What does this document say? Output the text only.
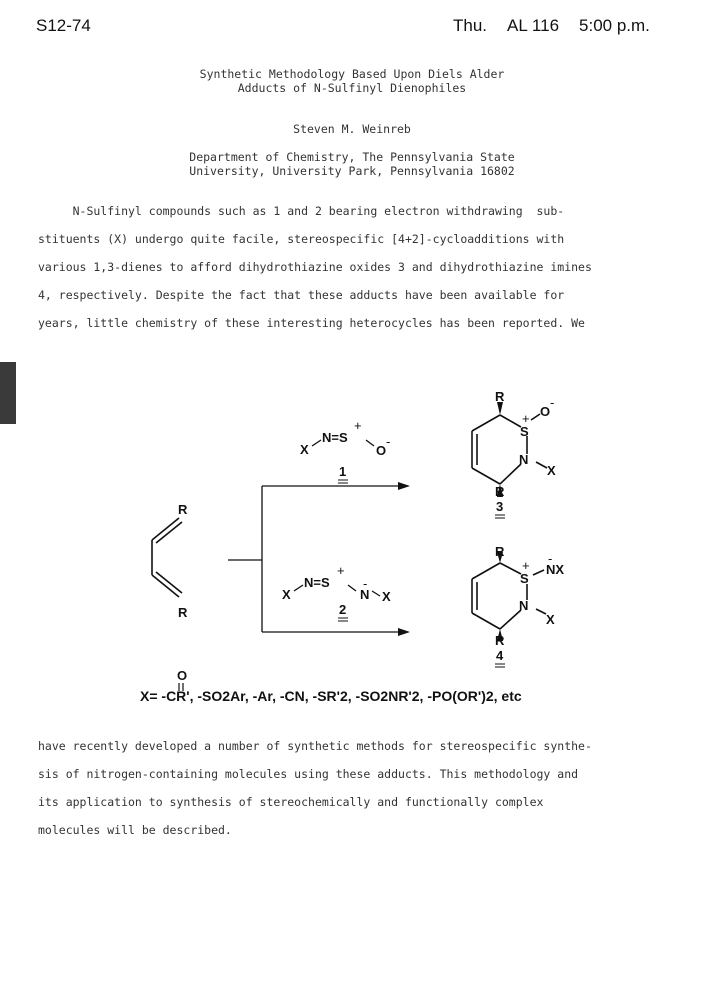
S12-74	Thu. AL 116 5:00 p.m.
Synthetic Methodology Based Upon Diels Alder
Adducts of N-Sulfinyl Dienophiles
Steven M. Weinreb
Department of Chemistry, The Pennsylvania State
University, University Park, Pennsylvania 16802
N-Sulfinyl compounds such as 1 and 2 bearing electron withdrawing  sub-
stituents (X) undergo quite facile, stereospecific [4+2]-cycloadditions with
various 1,3-dienes to afford dihydrothiazine oxides 3 and dihydrothiazine imines
4, respectively. Despite the fact that these adducts have been available for
years, little chemistry of these interesting heterocycles has been reported. We
R
R
X
N=S
+
O
-
1
X
N=S
+
N
-
X
2
R
S
+ O
-
N
X
R
3
R
S
+ NX
-
N
X
R
4
O
X= -CR', -SO2Ar, -Ar, -CN, -SR'2, -SO2NR'2, -PO(OR')2, etc
have recently developed a number of synthetic methods for stereospecific synthe-
sis of nitrogen-containing molecules using these adducts. This methodology and
its application to synthesis of stereochemically and functionally complex
molecules will be described.
